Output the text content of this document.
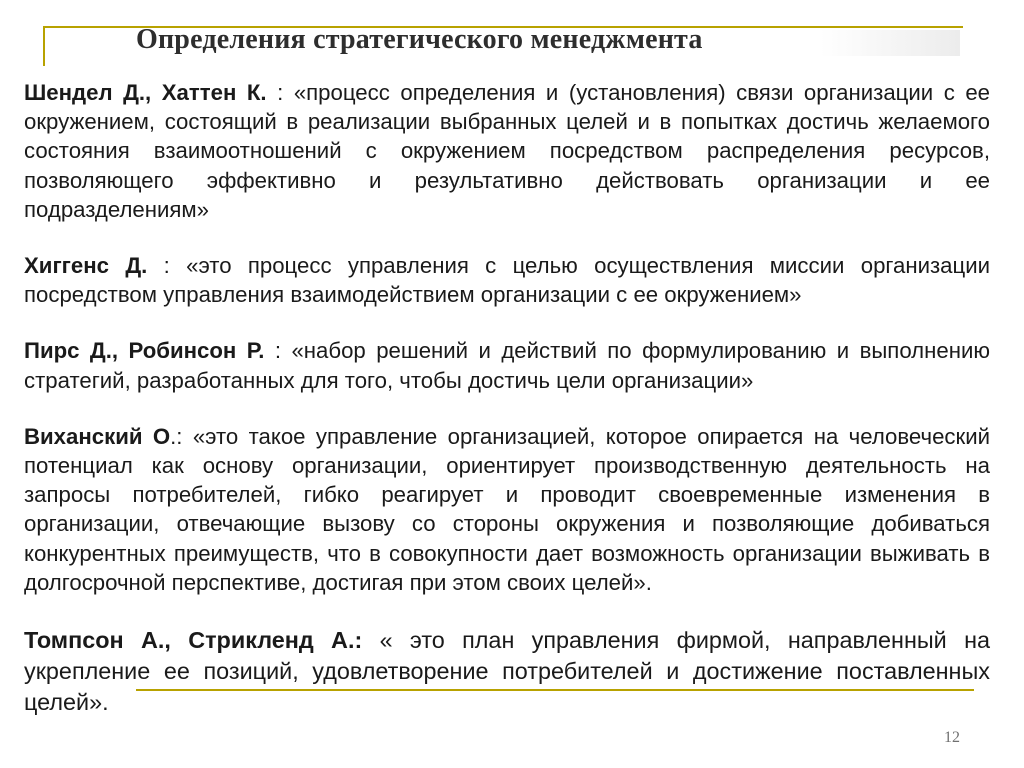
Определения стратегического менеджмента

Шендел Д., Хаттен К. : «процесс определения и (установления) связи организации с ее окружением, состоящий в реализации выбранных целей и в попытках достичь желаемого состояния взаимоотношений с окружением посредством распределения ресурсов, позволяющего эффективно и результативно действовать организации и ее подразделениям»

Хиггенс Д. : «это процесс управления с целью осуществления миссии организации посредством управления взаимодействием организации с ее окружением»

Пирс Д., Робинсон Р. : «набор решений и действий по формулированию и выполнению стратегий, разработанных для того, чтобы достичь цели организации»

Виханский О.: «это такое управление организацией, которое опирается на человеческий потенциал как основу организации, ориентирует производственную деятельность на запросы потребителей, гибко реагирует и проводит своевременные изменения в организации, отвечающие вызову со стороны окружения и позволяющие добиваться конкурентных преимуществ, что в совокупности дает возможность организации выживать в долгосрочной перспективе, достигая при этом своих целей».

Томпсон А., Стрикленд А.: « это план управления фирмой, направленный на укрепление ее позиций, удовлетворение потребителей и достижение поставленных целей».

12
